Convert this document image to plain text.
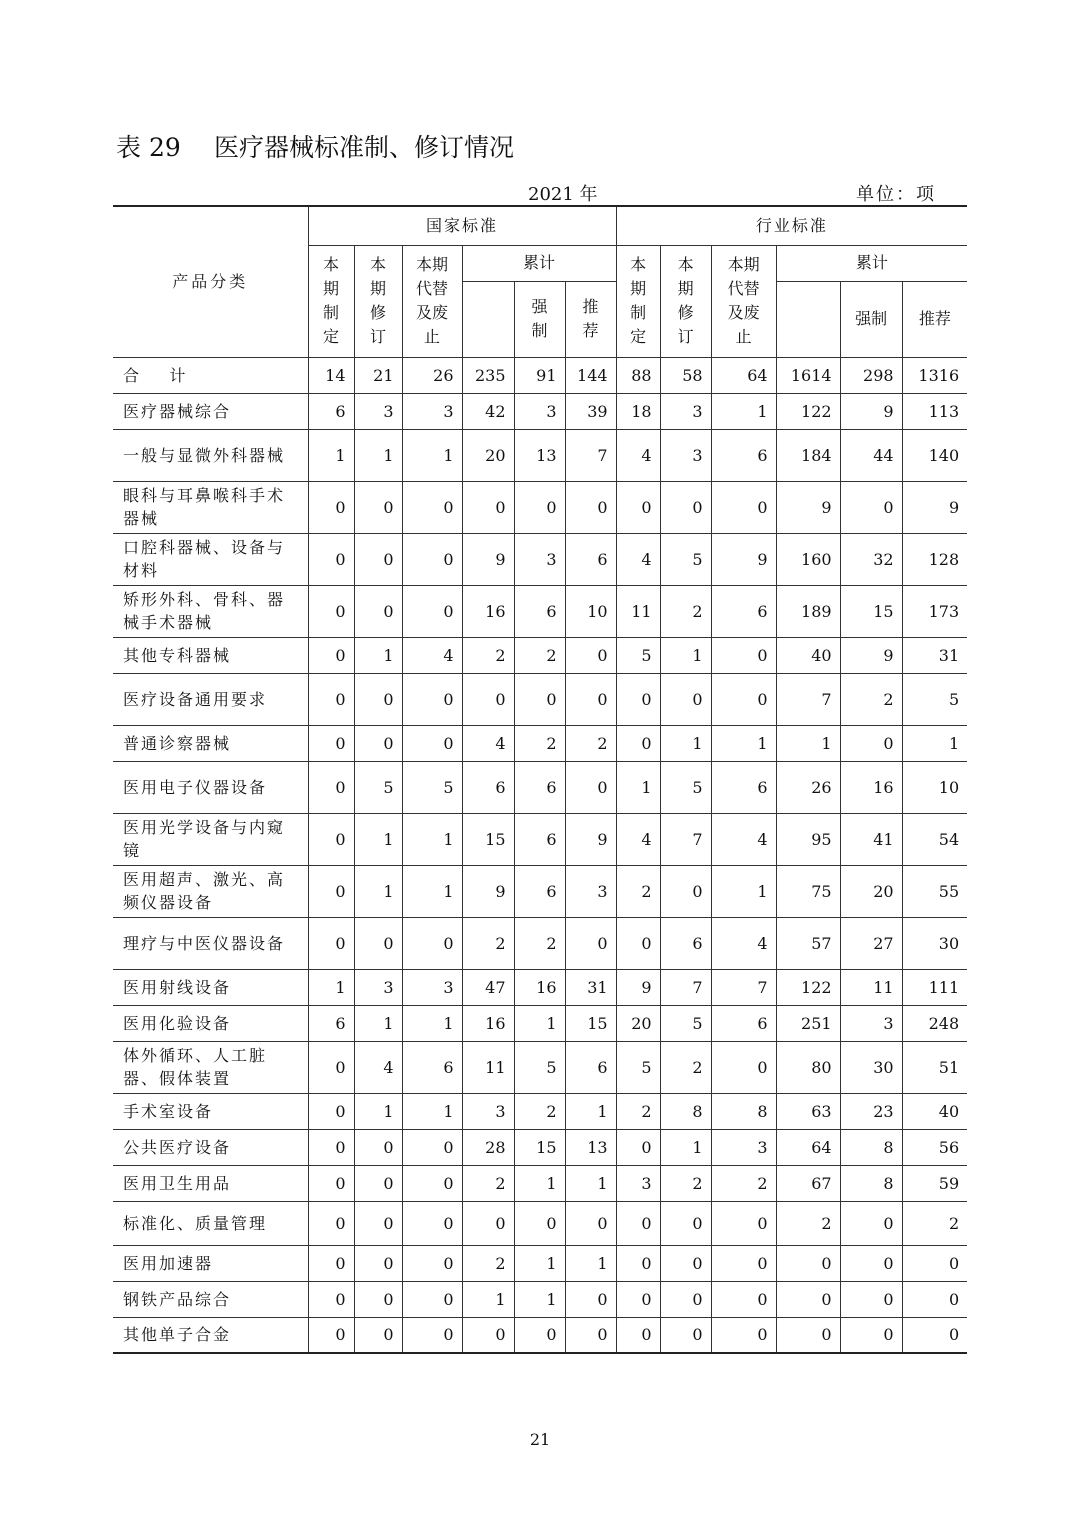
表 29 医疗器械标准制、修订情况
2021 年	单位：项
产品分类	国家标准						行业标准					
	本期制定	本期修订	本期代替及废止	累计			本期制定	本期修订	本期代替及废止	累计		
					强制	推荐					强制	推荐
合    计	14	21	26	235	91	144	88	58	64	1614	298	1316
医疗器械综合	6	3	3	42	3	39	18	3	1	122	9	113
一般与显微外科器械	1	1	1	20	13	7	4	3	6	184	44	140
眼科与耳鼻喉科手术器械	0	0	0	0	0	0	0	0	0	9	0	9
口腔科器械、设备与材料	0	0	0	9	3	6	4	5	9	160	32	128
矫形外科、骨科、器械手术器械	0	0	0	16	6	10	11	2	6	189	15	173
其他专科器械	0	1	4	2	2	0	5	1	0	40	9	31
医疗设备通用要求	0	0	0	0	0	0	0	0	0	7	2	5
普通诊察器械	0	0	0	4	2	2	0	1	1	1	0	1
医用电子仪器设备	0	5	5	6	6	0	1	5	6	26	16	10
医用光学设备与内窥镜	0	1	1	15	6	9	4	7	4	95	41	54
医用超声、激光、高频仪器设备	0	1	1	9	6	3	2	0	1	75	20	55
理疗与中医仪器设备	0	0	0	2	2	0	0	6	4	57	27	30
医用射线设备	1	3	3	47	16	31	9	7	7	122	11	111
医用化验设备	6	1	1	16	1	15	20	5	6	251	3	248
体外循环、人工脏器、假体装置	0	4	6	11	5	6	5	2	0	80	30	51
手术室设备	0	1	1	3	2	1	2	8	8	63	23	40
公共医疗设备	0	0	0	28	15	13	0	1	3	64	8	56
医用卫生用品	0	0	0	2	1	1	3	2	2	67	8	59
标准化、质量管理	0	0	0	0	0	0	0	0	0	2	0	2
医用加速器	0	0	0	2	1	1	0	0	0	0	0	0
钢铁产品综合	0	0	0	1	1	0	0	0	0	0	0	0
其他单子合金	0	0	0	0	0	0	0	0	0	0	0	0
21
